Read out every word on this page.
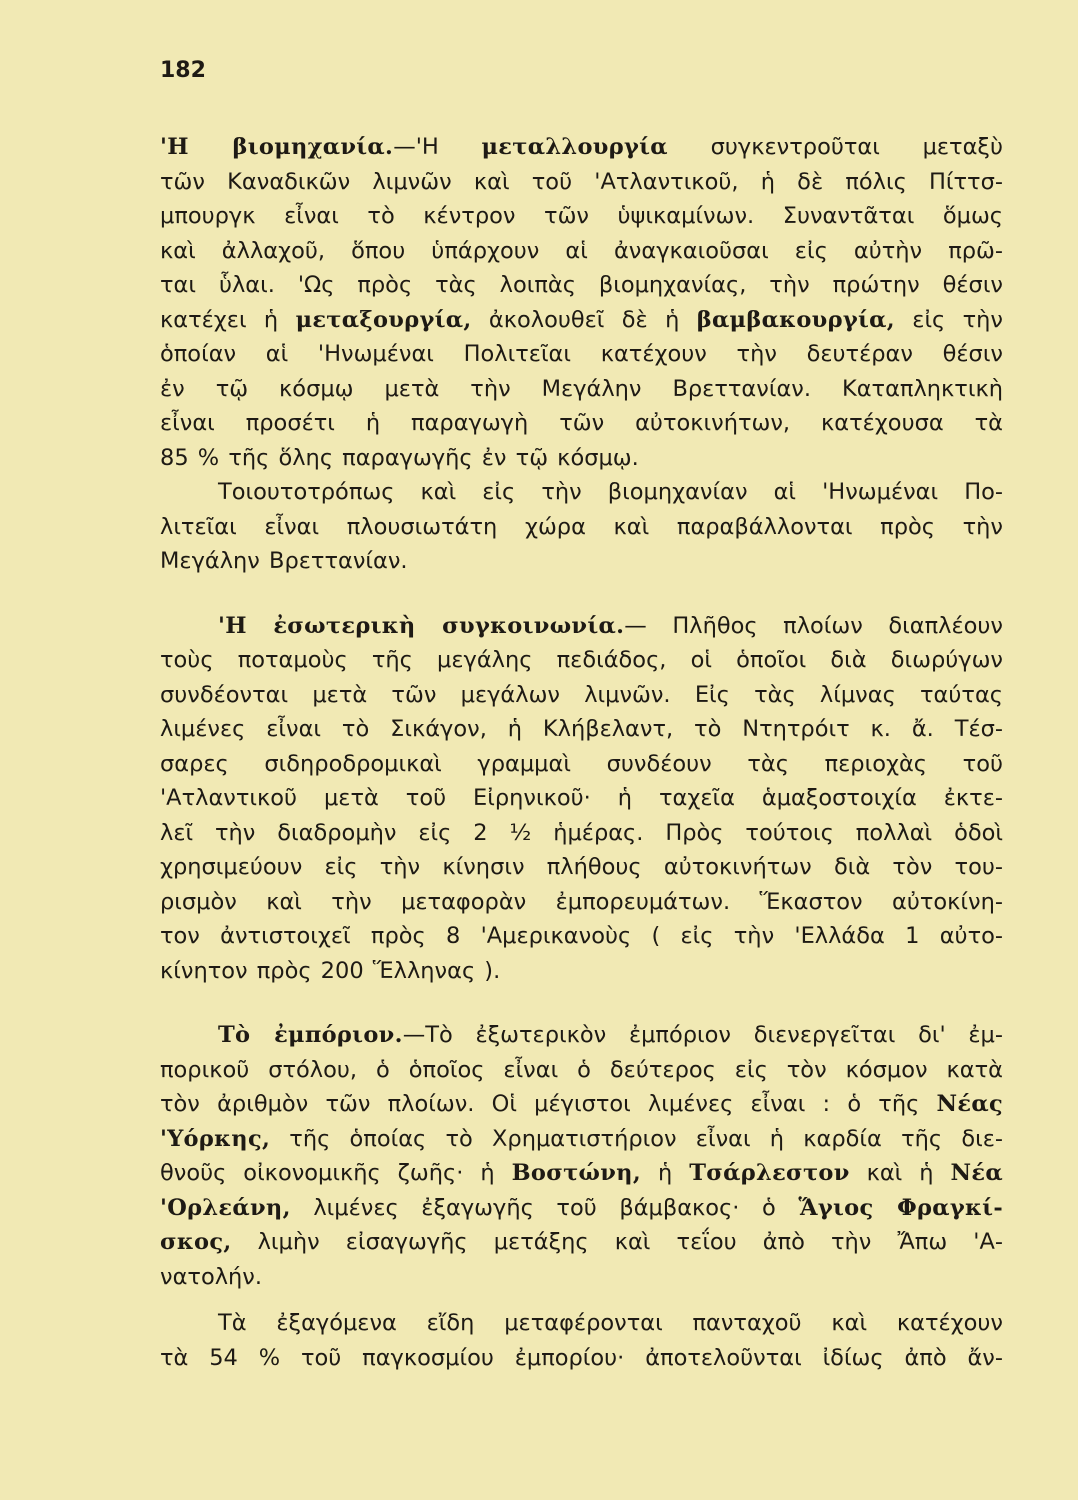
182

'Η βιομηχανία.—'Η μεταλλουργία συγκεντροῦται μεταξὺ

τῶν Καναδικῶν λιμνῶν καὶ τοῦ 'Ατλαντικοῦ, ἡ δὲ πόλις Πίττσ-

μπουργκ εἶναι τὸ κέντρον τῶν ὑψικαμίνων. Συναντᾶται ὅμως

καὶ ἀλλαχοῦ, ὅπου ὑπάρχουν αἱ ἀναγκαιοῦσαι εἰς αὐτὴν πρῶ-

ται ὗλαι. 'Ως πρὸς τὰς λοιπὰς βιομηχανίας, τὴν πρώτην θέσιν

κατέχει ἡ μεταξουργία, ἀκολουθεῖ δὲ ἡ βαμβακουργία, εἰς τὴν

ὁποίαν αἱ 'Ηνωμέναι Πολιτεῖαι κατέχουν τὴν δευτέραν θέσιν

ἐν τῷ κόσμῳ μετὰ τὴν Μεγάλην Βρεττανίαν. Καταπληκτικὴ

εἶναι προσέτι ἡ παραγωγὴ τῶν αὐτοκινήτων, κατέχουσα τὰ

85 % τῆς ὅλης παραγωγῆς ἐν τῷ κόσμῳ.

Τοιουτοτρόπως καὶ εἰς τὴν βιομηχανίαν αἱ 'Ηνωμέναι Πο-

λιτεῖαι εἶναι πλουσιωτάτη χώρα καὶ παραβάλλονται πρὸς τὴν

Μεγάλην Βρεττανίαν.

'Η ἐσωτερικὴ συγκοινωνία.— Πλῆθος πλοίων διαπλέουν

τοὺς ποταμοὺς τῆς μεγάλης πεδιάδος, οἱ ὁποῖοι διὰ διωρύγων

συνδέονται μετὰ τῶν μεγάλων λιμνῶν. Εἰς τὰς λίμνας ταύτας

λιμένες εἶναι τὸ Σικάγον, ἡ Κλήβελαντ, τὸ Ντητρόιτ κ. ἄ. Τέσ-

σαρες σιδηροδρομικαὶ γραμμαὶ συνδέουν τὰς περιοχὰς τοῦ

'Ατλαντικοῦ μετὰ τοῦ Εἰρηνικοῦ· ἡ ταχεῖα ἁμαξοστοιχία ἐκτε-

λεῖ τὴν διαδρομὴν εἰς 2 ½ ἡμέρας. Πρὸς τούτοις πολλαὶ ὁδοὶ

χρησιμεύουν εἰς τὴν κίνησιν πλήθους αὐτοκινήτων διὰ τὸν του-

ρισμὸν καὶ τὴν μεταφορὰν ἐμπορευμάτων. Ἕκαστον αὐτοκίνη-

τον ἀντιστοιχεῖ πρὸς 8 'Αμερικανοὺς ( εἰς τὴν 'Ελλάδα 1 αὐτο-

κίνητον πρὸς 200 Ἕλληνας ).

Τὸ ἐμπόριον.—Τὸ ἐξωτερικὸν ἐμπόριον διενεργεῖται δι' ἐμ-

πορικοῦ στόλου, ὁ ὁποῖος εἶναι ὁ δεύτερος εἰς τὸν κόσμον κατὰ

τὸν ἀριθμὸν τῶν πλοίων. Οἱ μέγιστοι λιμένες εἶναι : ὁ τῆς Νέας

'Υόρκης, τῆς ὁποίας τὸ Χρηματιστήριον εἶναι ἡ καρδία τῆς διε-

θνοῦς οἰκονομικῆς ζωῆς· ἡ Βοστώνη, ἡ Τσάρλεστον καὶ ἡ Νέα

'Ορλεάνη, λιμένες ἐξαγωγῆς τοῦ βάμβακος· ὁ Ἅγιος Φραγκί-

σκος, λιμὴν εἰσαγωγῆς μετάξης καὶ τεΐου ἀπὸ τὴν Ἄπω 'Α-

νατολήν.

Τὰ ἐξαγόμενα εἴδη μεταφέρονται πανταχοῦ καὶ κατέχουν

τὰ 54 % τοῦ παγκοσμίου ἐμπορίου· ἀποτελοῦνται ἰδίως ἀπὸ ἄν-
